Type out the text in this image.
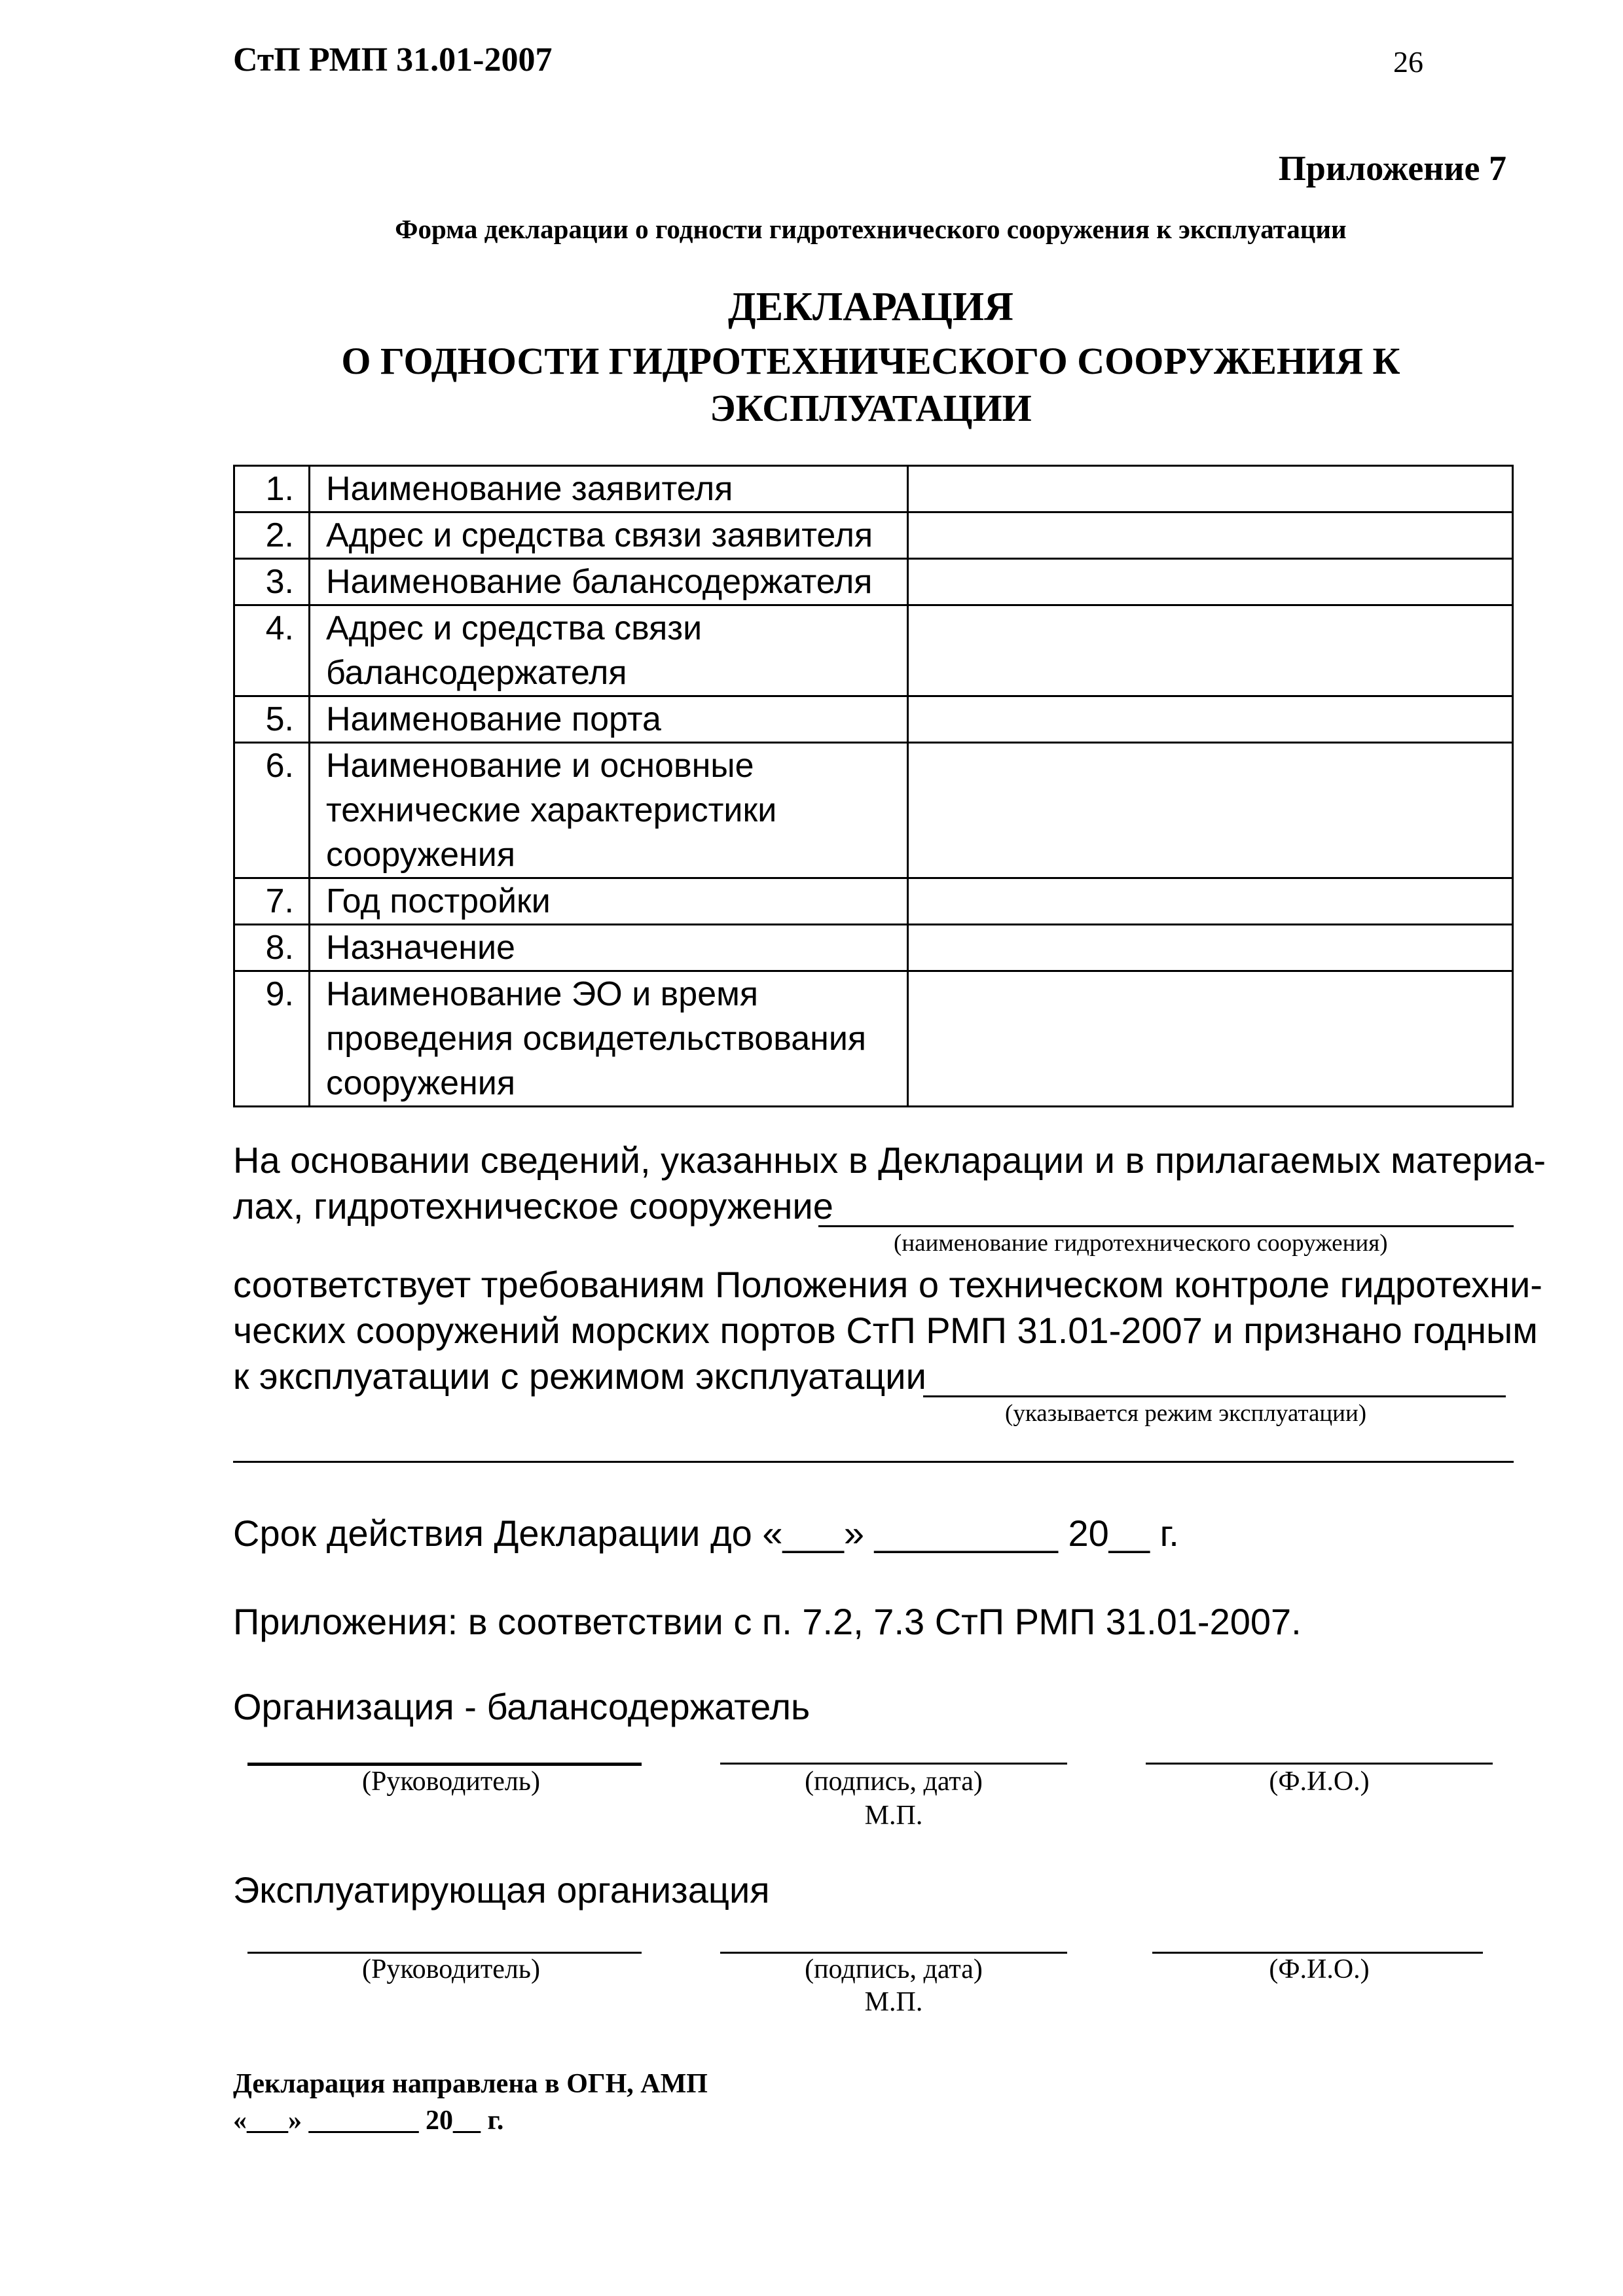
СтП РМП 31.01-2007	26
Приложение 7
Форма декларации о годности гидротехнического сооружения к эксплуатации
ДЕКЛАРАЦИЯ
О ГОДНОСТИ ГИДРОТЕХНИЧЕСКОГО СООРУЖЕНИЯ К
ЭКСПЛУАТАЦИИ
1.	Наименование заявителя	
2.	Адрес и средства связи заявителя	
3.	Наименование балансодержателя	
4.	Адрес и средства связи
балансодержателя	
5.	Наименование порта	
6.	Наименование и основные
технические характеристики
сооружения	
7.	Год постройки	
8.	Назначение	
9.	Наименование ЭО и время
проведения освидетельствования
сооружения	
На основании сведений, указанных в Декларации и в прилагаемых материа-
лах, гидротехническое сооружение
(наименование гидротехнического сооружения)
соответствует требованиям Положения о техническом контроле гидротехни-
ческих сооружений морских портов СтП РМП 31.01-2007 и признано годным
к эксплуатации с режимом эксплуатации
(указывается режим эксплуатации)
Срок действия Декларации до «___» _________ 20__ г.
Приложения: в соответствии с п. 7.2, 7.3 СтП РМП 31.01-2007.
Организация - балансодержатель
(Руководитель)	(подпись, дата)	(Ф.И.О.)
М.П.
Эксплуатирующая организация
(Руководитель)	(подпись, дата)	(Ф.И.О.)
М.П.
Декларация направлена в ОГН, АМП
«___» ________ 20__ г.
